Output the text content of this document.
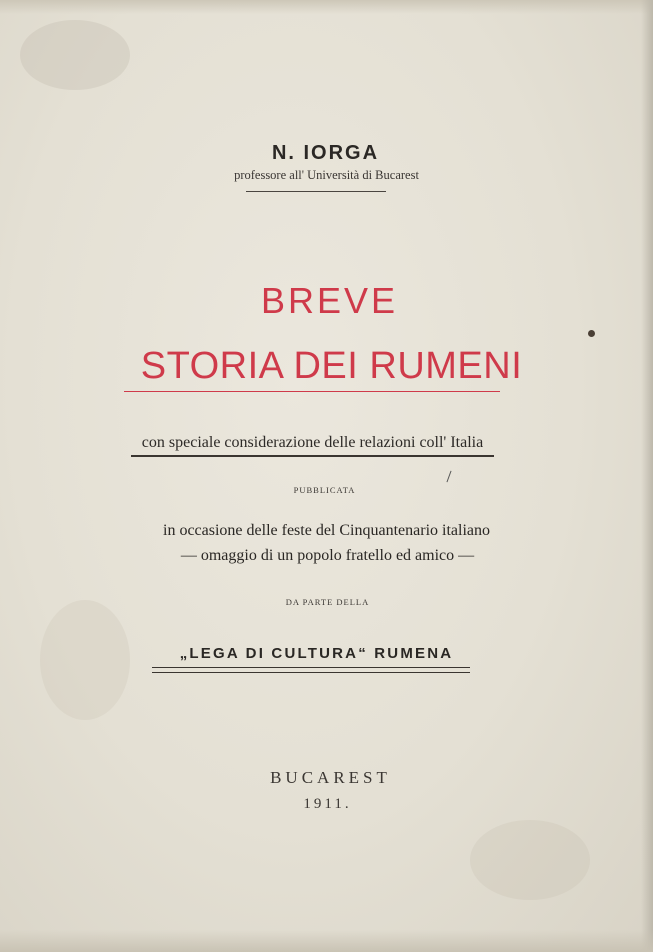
N. IORGA
professore all' Università di Bucarest
BREVE
STORIA DEI RUMENI
con speciale considerazione delle relazioni coll' Italia
PUBBLICATA
in occasione delle feste del Cinquantenario italiano
— omaggio di un popolo fratello ed amico —
DA PARTE DELLA
„LEGA DI CULTURA“ RUMENA
BUCAREST
1911.
